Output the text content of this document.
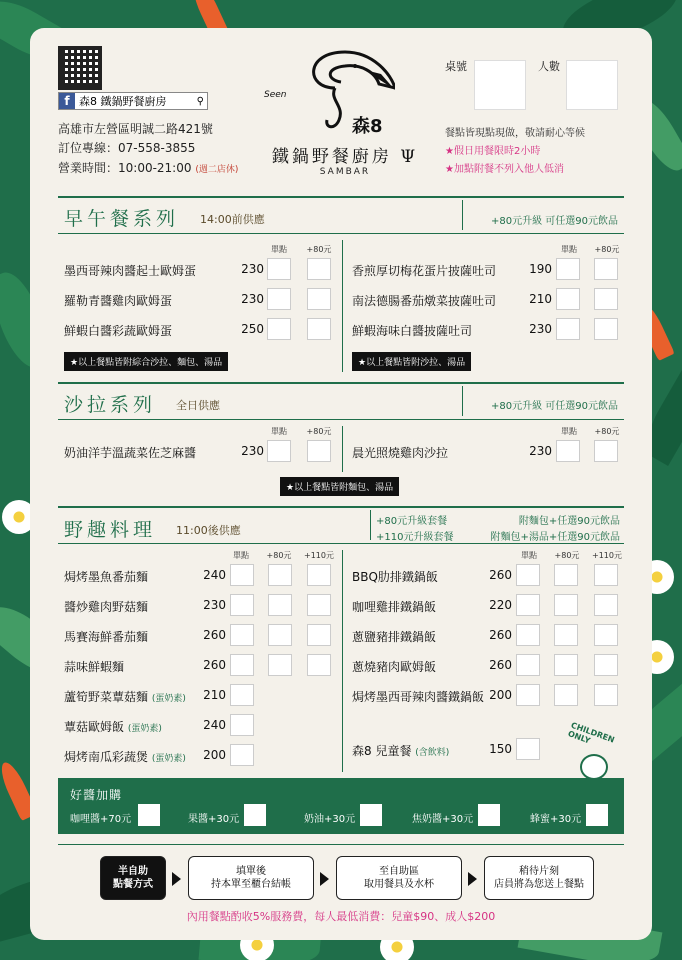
f 森8 鐵鍋野餐廚房	⚲
高雄市左營區明誠二路421號
訂位專線：07-558-3855
營業時間：10:00-21:00 (週二店休)
Seen
森8
鐵鍋野餐廚房 Ψ
SAMBAR
桌號	人數
餐點皆現點現做，敬請耐心等候
★假日用餐限時2小時
★加點附餐不列入他人低消
早午餐系列 14:00前供應	+80元升級 可任選90元飲品
單點	+80元	單點	+80元
墨西哥辣肉醬起士歐姆蛋	230
羅勒青醬雞肉歐姆蛋	230
鮮蝦白醬彩蔬歐姆蛋	250
香煎厚切梅花蛋片披薩吐司	190
南法德腸番茄燉菜披薩吐司	210
鮮蝦海味白醬披薩吐司	230
★以上餐點皆附綜合沙拉、麵包、湯品	★以上餐點皆附沙拉、湯品
沙拉系列 全日供應	+80元升級 可任選90元飲品
單點	+80元	單點	+80元
奶油洋芋溫蔬菜佐芝麻醬	230	晨光照燒雞肉沙拉	230
★以上餐點皆附麵包、湯品
野趣料理 11:00後供應
+80元升級套餐	附麵包+任選90元飲品
+110元升級套餐	附麵包+湯品+任選90元飲品
單點	+80元	+110元	單點	+80元	+110元
森8 兒童餐 (含飲料)	150
CHILDREN ONLY
好醬加購
咖哩醬+70元	果醬+30元	奶油+30元	焦奶醬+30元	蜂蜜+30元
半自助
點餐方式
填單後
持本單至櫃台結帳
至自助區
取用餐具及水杯
稍待片刻
店員將為您送上餐點
內用餐點酌收5%服務費，每人最低消費：兒童$90、成人$200
焗烤墨魚番茄麵	240
醬炒雞肉野菇麵	230
馬賽海鮮番茄麵	260
蒜味鮮蝦麵	260
蘆筍野菜蕈菇麵 (蛋奶素)	210
蕈菇歐姆飯 (蛋奶素)	240
焗烤南瓜彩蔬煲 (蛋奶素)	200
BBQ肋排鐵鍋飯	260
咖哩雞排鐵鍋飯	220
蔥鹽豬排鐵鍋飯	260
蔥燒豬肉歐姆飯	260
焗烤墨西哥辣肉醬鐵鍋飯 200
